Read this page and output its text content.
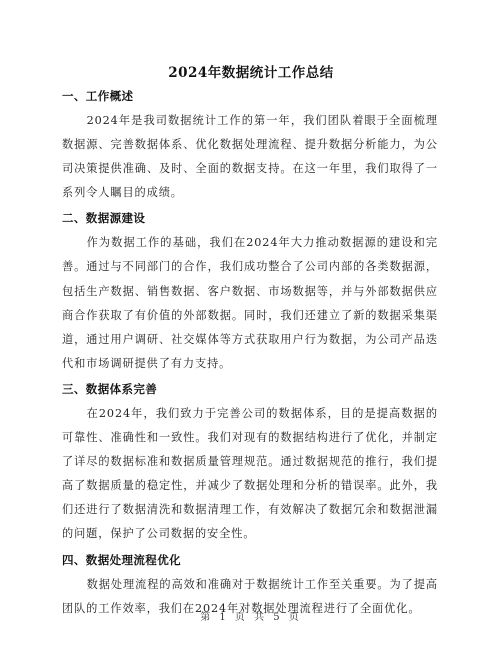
2024年数据统计工作总结
一、工作概述

2024年是我司数据统计工作的第一年，我们团队着眼于全面梳理数据源、完善数据体系、优化数据处理流程、提升数据分析能力，为公司决策提供准确、及时、全面的数据支持。在这一年里，我们取得了一系列令人瞩目的成绩。

二、数据源建设

作为数据工作的基础，我们在2024年大力推动数据源的建设和完善。通过与不同部门的合作，我们成功整合了公司内部的各类数据源，包括生产数据、销售数据、客户数据、市场数据等，并与外部数据供应商合作获取了有价值的外部数据。同时，我们还建立了新的数据采集渠道，通过用户调研、社交媒体等方式获取用户行为数据，为公司产品迭代和市场调研提供了有力支持。

三、数据体系完善

在2024年，我们致力于完善公司的数据体系，目的是提高数据的可靠性、准确性和一致性。我们对现有的数据结构进行了优化，并制定了详尽的数据标准和数据质量管理规范。通过数据规范的推行，我们提高了数据质量的稳定性，并减少了数据处理和分析的错误率。此外，我们还进行了数据清洗和数据清理工作，有效解决了数据冗余和数据泄漏的问题，保护了公司数据的安全性。

四、数据处理流程优化

数据处理流程的高效和准确对于数据统计工作至关重要。为了提高团队的工作效率，我们在2024年对数据处理流程进行了全面优化。

第 1 页 共 5 页
